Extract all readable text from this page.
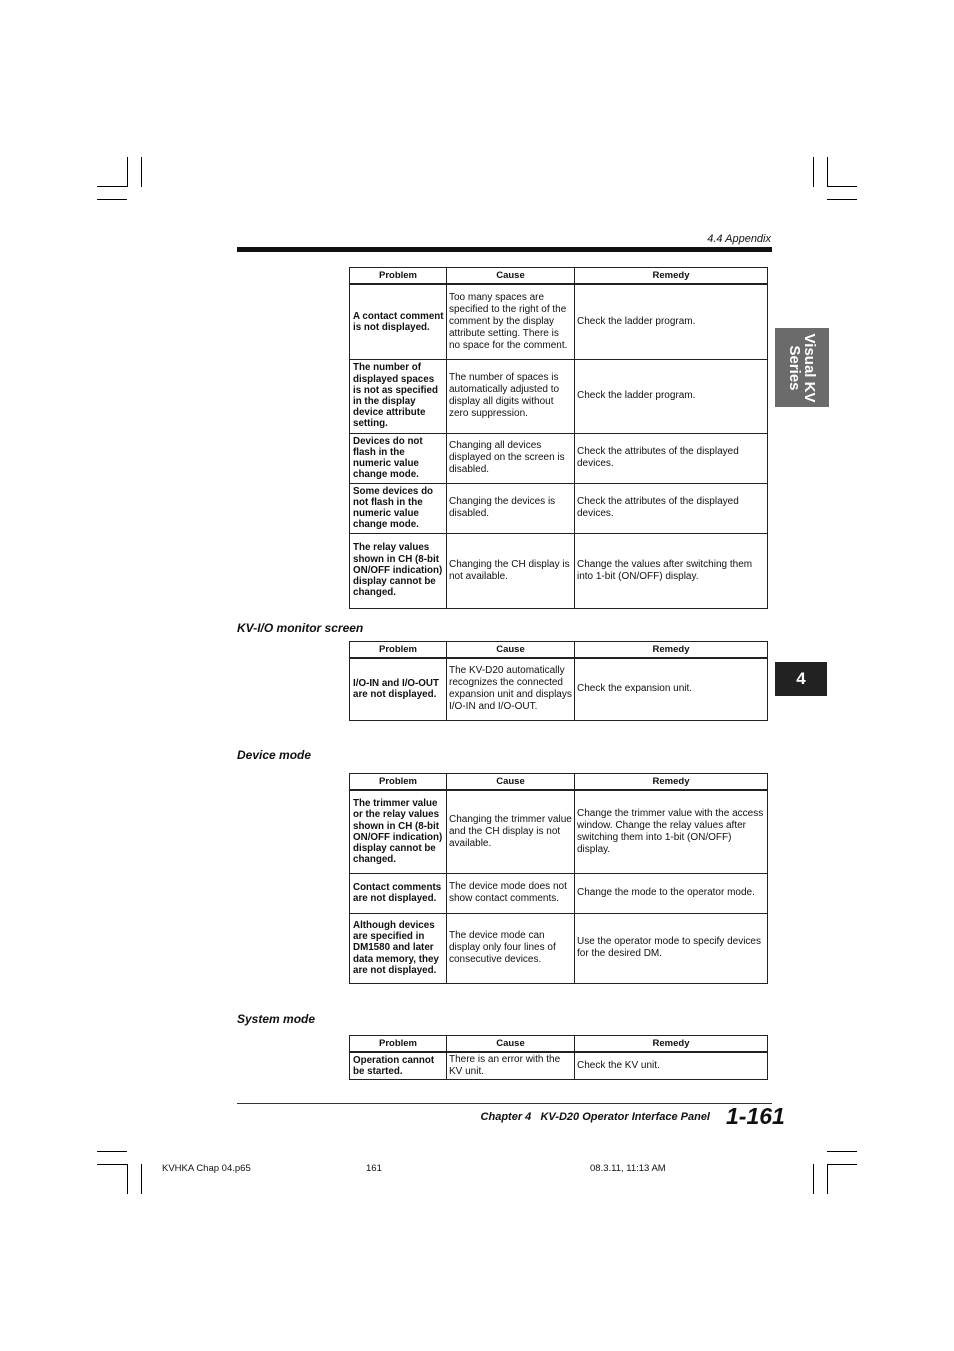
4.4 Appendix
Visual KV
Series
4
Problem	Cause	Remedy
A contact comment is not displayed.	Too many spaces are specified to the right of the comment by the display attribute setting. There is no space for the comment.	Check the ladder program.
The number of displayed spaces is not as specified in the display device attribute setting.	The number of spaces is automatically adjusted to display all digits without zero suppression.	Check the ladder program.
Devices do not flash in the numeric value change mode.	Changing all devices displayed on the screen is disabled.	Check the attributes of the displayed devices.
Some devices do not flash in the numeric value change mode.	Changing the devices is disabled.	Check the attributes of the displayed devices.
The relay values shown in CH (8-bit ON/OFF indication) display cannot be changed.	Changing the CH display is not available.	Change the values after switching them into 1-bit (ON/OFF) display.
KV-I/O monitor screen
Problem	Cause	Remedy
I/O-IN and I/O-OUT are not displayed.	The KV-D20 automatically recognizes the connected expansion unit and displays I/O-IN and I/O-OUT.	Check the expansion unit.
Device mode
Problem	Cause	Remedy
The trimmer value or the relay values shown in CH (8-bit ON/OFF indication) display cannot be changed.	Changing the trimmer value and the CH display is not available.	Change the trimmer value with the access window. Change the relay values after switching them into 1-bit (ON/OFF) display.
Contact comments are not displayed.	The device mode does not show contact comments.	Change the mode to the operator mode.
Although devices are specified in DM1580 and later data memory, they are not displayed.	The device mode can display only four lines of consecutive devices.	Use the operator mode to specify devices for the desired DM.
System mode
Problem	Cause	Remedy
Operation cannot be started.	There is an error with the KV unit.	Check the KV unit.
Chapter 4   KV-D20 Operator Interface Panel 1-161
KVHKA Chap 04.p65	161	08.3.11, 11:13 AM
